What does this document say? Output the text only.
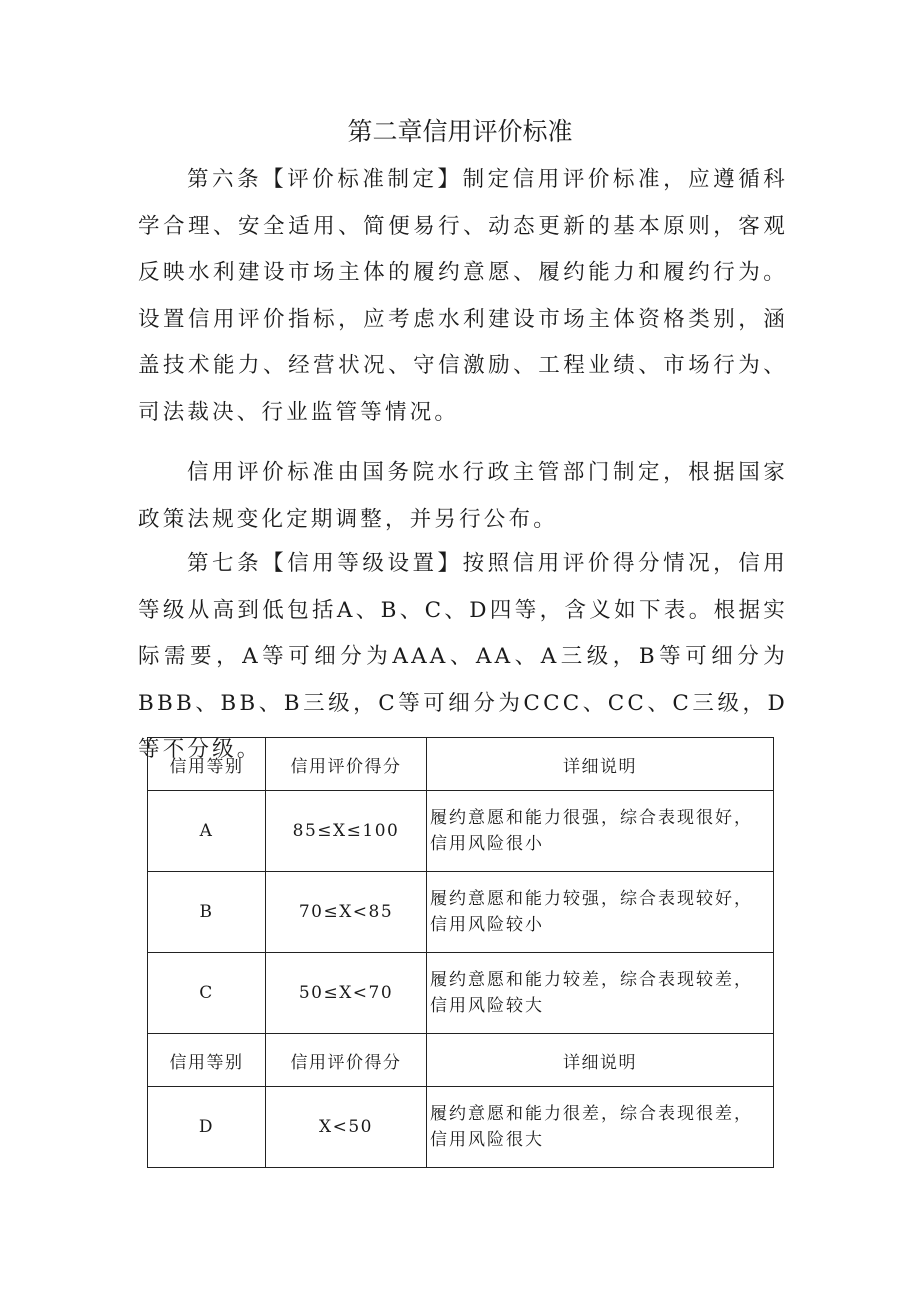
第二章信用评价标准

第六条【评价标准制定】制定信用评价标准，应遵循科学合理、安全适用、简便易行、动态更新的基本原则，客观反映水利建设市场主体的履约意愿、履约能力和履约行为。设置信用评价指标，应考虑水利建设市场主体资格类别，涵盖技术能力、经营状况、守信激励、工程业绩、市场行为、司法裁决、行业监管等情况。

信用评价标准由国务院水行政主管部门制定，根据国家政策法规变化定期调整，并另行公布。

第七条【信用等级设置】按照信用评价得分情况，信用等级从高到低包括A、B、C、D四等，含义如下表。根据实际需要，A等可细分为AAA、AA、A三级，B等可细分为BBB、BB、B三级，C等可细分为CCC、CC、C三级，D等不分级。

信用等别	信用评价得分	详细说明
A	85≤X≤100	履约意愿和能力很强，综合表现很好，信用风险很小

B	70≤X<85	履约意愿和能力较强，综合表现较好，信用风险较小

C	50≤X<70	履约意愿和能力较差，综合表现较差，信用风险较大

信用等别	信用评价得分	详细说明
D	X<50	履约意愿和能力很差，综合表现很差，信用风险很大
